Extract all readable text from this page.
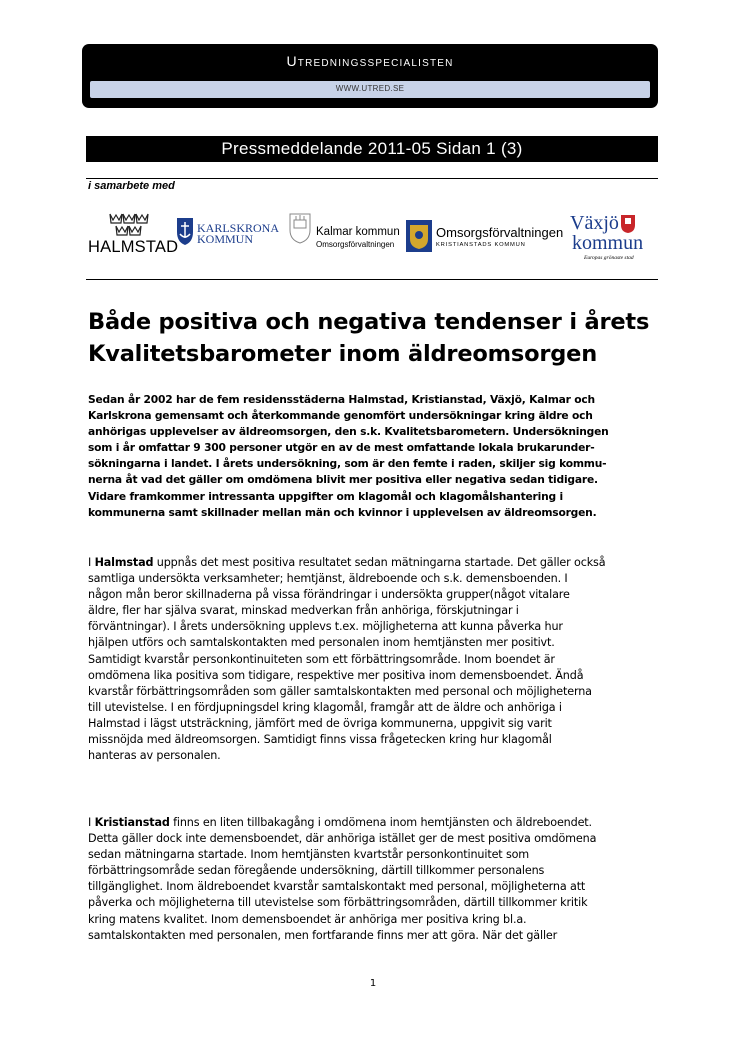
Utredningsspecialisten
WWW.UTRED.SE
Pressmeddelande 2011-05 Sidan 1 (3)
i samarbete med
HALMSTAD
KARLSKRONA
KOMMUN	Kalmar kommun
Omsorgsförvaltningen
Omsorgsförvaltningen
KRISTIANSTADS KOMMUN
Växjö
kommun
Europas grönaste stad
Både positiva och negativa tendenser i årets
Kvalitetsbarometer inom äldreomsorgen

Sedan år 2002 har de fem residensstäderna Halmstad, Kristianstad, Växjö, Kalmar och
Karlskrona gemensamt och återkommande genomfört undersökningar kring äldre och
anhörigas upplevelser av äldreomsorgen, den s.k. Kvalitetsbarometern. Undersökningen
som i år omfattar 9 300 personer utgör en av de mest omfattande lokala brukarunder-
sökningarna i landet. I årets undersökning, som är den femte i raden, skiljer sig kommu-
nerna åt vad det gäller om omdömena blivit mer positiva eller negativa sedan tidigare.
Vidare framkommer intressanta uppgifter om klagomål och klagomålshantering i
kommunerna samt skillnader mellan män och kvinnor i upplevelsen av äldreomsorgen.

I Halmstad uppnås det mest positiva resultatet sedan mätningarna startade. Det gäller också
samtliga undersökta verksamheter; hemtjänst, äldreboende och s.k. demensboenden. I
någon mån beror skillnaderna på vissa förändringar i undersökta grupper(något vitalare
äldre, fler har själva svarat, minskad medverkan från anhöriga, förskjutningar i
förväntningar). I årets undersökning upplevs t.ex. möjligheterna att kunna påverka hur
hjälpen utförs och samtalskontakten med personalen inom hemtjänsten mer positivt.
Samtidigt kvarstår personkontinuiteten som ett förbättringsområde. Inom boendet är
omdömena lika positiva som tidigare, respektive mer positiva inom demensboendet. Ändå
kvarstår förbättringsområden som gäller samtalskontakten med personal och möjligheterna
till utevistelse. I en fördjupningsdel kring klagomål, framgår att de äldre och anhöriga i
Halmstad i lägst utsträckning, jämfört med de övriga kommunerna, uppgivit sig varit
missnöjda med äldreomsorgen. Samtidigt finns vissa frågetecken kring hur klagomål
hanteras av personalen.

I Kristianstad finns en liten tillbakagång i omdömena inom hemtjänsten och äldreboendet.
Detta gäller dock inte demensboendet, där anhöriga istället ger de mest positiva omdömena
sedan mätningarna startade. Inom hemtjänsten kvartstår personkontinuitet som
förbättringsområde sedan föregående undersökning, därtill tillkommer personalens
tillgänglighet. Inom äldreboendet kvarstår samtalskontakt med personal, möjligheterna att
påverka och möjligheterna till utevistelse som förbättringsområden, därtill tillkommer kritik
kring matens kvalitet. Inom demensboendet är anhöriga mer positiva kring bl.a.
samtalskontakten med personalen, men fortfarande finns mer att göra. När det gäller

1
